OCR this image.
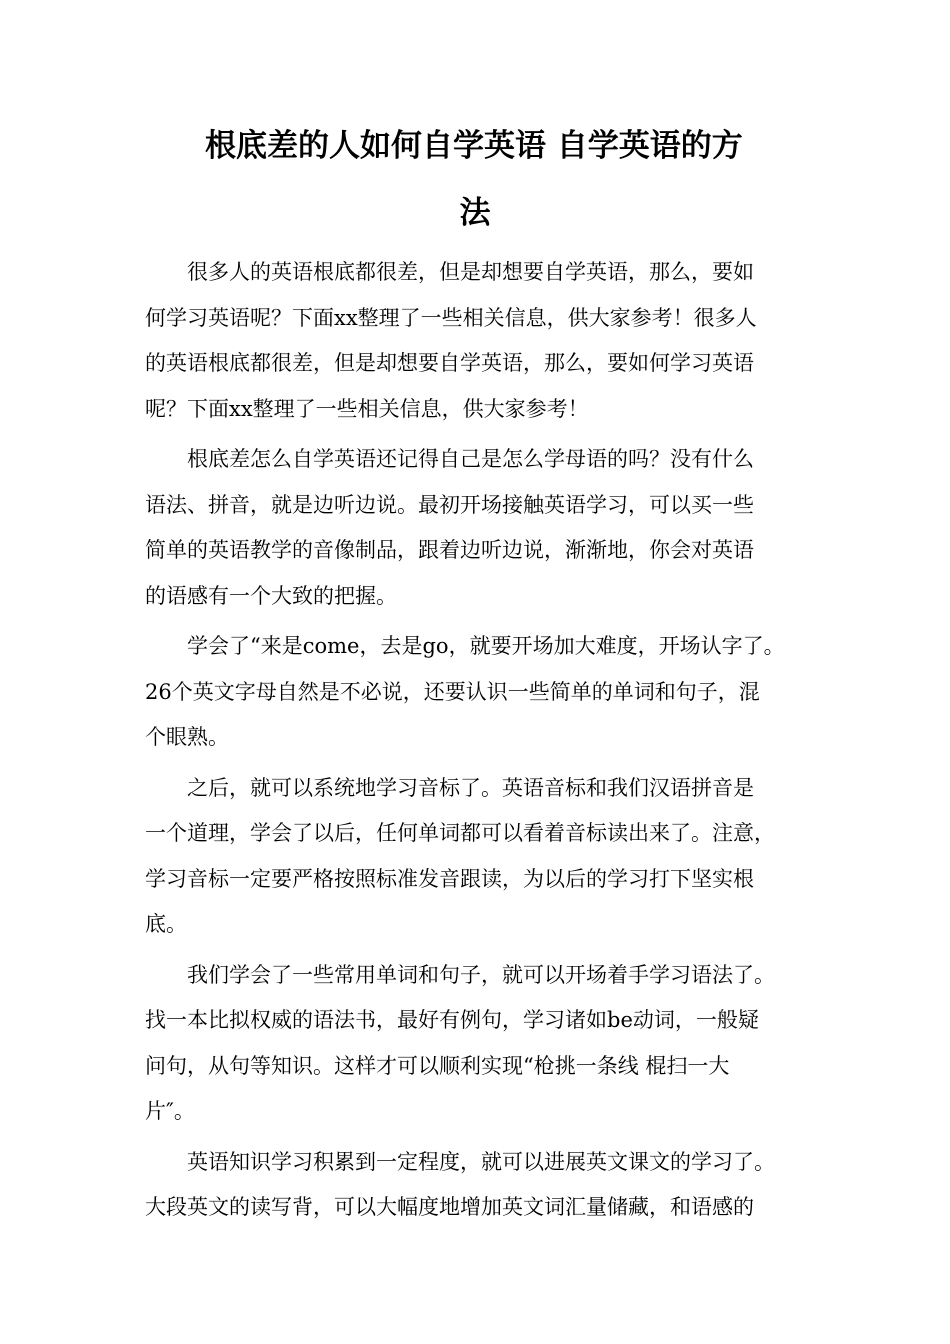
根底差的人如何自学英语 自学英语的方
法
很多人的英语根底都很差，但是却想要自学英语，那么，要如
何学习英语呢？下面xx整理了一些相关信息，供大家参考！很多人
的英语根底都很差，但是却想要自学英语，那么，要如何学习英语
呢？下面xx整理了一些相关信息，供大家参考！
根底差怎么自学英语还记得自己是怎么学母语的吗？没有什么
语法、拼音，就是边听边说。最初开场接触英语学习，可以买一些
简单的英语教学的音像制品，跟着边听边说，渐渐地，你会对英语
的语感有一个大致的把握。
学会了“来是come，去是go，就要开场加大难度，开场认字了。
26个英文字母自然是不必说，还要认识一些简单的单词和句子，混
个眼熟。
之后，就可以系统地学习音标了。英语音标和我们汉语拼音是
一个道理，学会了以后，任何单词都可以看着音标读出来了。注意，
学习音标一定要严格按照标准发音跟读，为以后的学习打下坚实根
底。
我们学会了一些常用单词和句子，就可以开场着手学习语法了。
找一本比拟权威的语法书，最好有例句，学习诸如be动词，一般疑
问句，从句等知识。这样才可以顺利实现“枪挑一条线 棍扫一大
片″。
英语知识学习积累到一定程度，就可以进展英文课文的学习了。
大段英文的读写背，可以大幅度地增加英文词汇量储藏，和语感的
